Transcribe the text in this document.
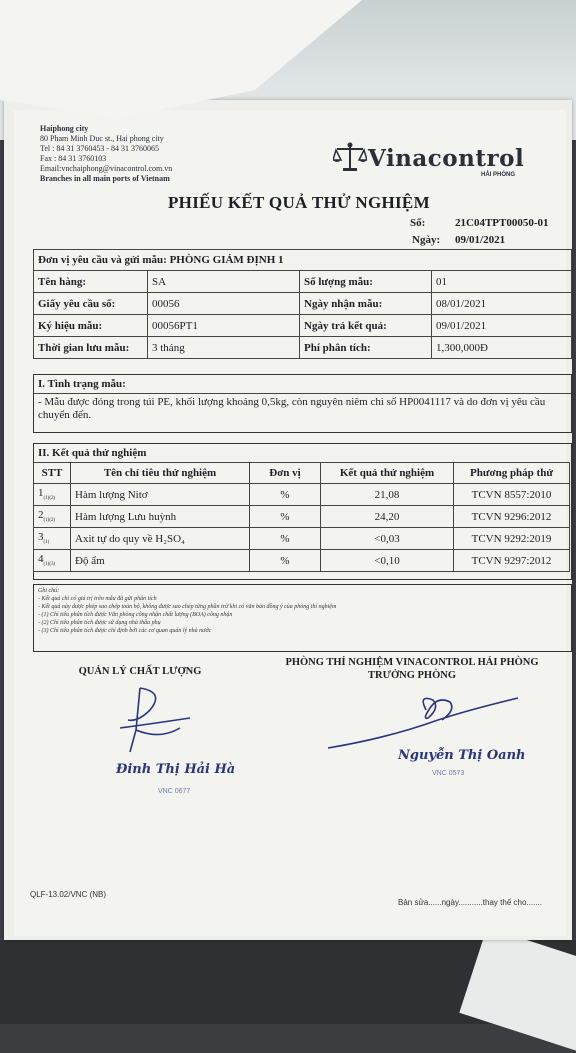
Haiphong city
80 Pham Minh Duc st., Hai phong city
Tel : 84 31 3760453 - 84 31 3760065
Fax : 84 31 3760103
Email:vnchaiphong@vinacontrol.com.vn
Branches in all main ports of Vietnam
Vinacontrol
HẢI PHÒNG
PHIẾU KẾT QUẢ THỬ NGHIỆM
Số:	21C04TPT00050-01
Ngày: 09/01/2021
Đơn vị yêu cầu và gửi mẫu: PHÒNG GIÁM ĐỊNH 1			
Tên hàng:	SA	Số lượng mẫu:	01
Giấy yêu cầu số:	00056	Ngày nhận mẫu:	08/01/2021
Ký hiệu mẫu:	00056PT1	Ngày trả kết quả:	09/01/2021
Thời gian lưu mẫu:	3 tháng	Phí phân tích:	1,300,000Đ
I. Tình trạng mẫu:
- Mẫu được đóng trong túi PE, khối lượng khoảng 0,5kg, còn nguyên niêm chì số HP0041117 và do đơn vị yêu cầu chuyển đến.
II. Kết quả thử nghiệm
STT	Tên chỉ tiêu thử nghiệm	Đơn vị	Kết quả thử nghiệm	Phương pháp thử
$1_{(1)(2)}$	Hàm lượng Nitơ	%	21,08	TCVN 8557:2010
$2_{(1)(2)}$	Hàm lượng Lưu huỳnh	%	24,20	TCVN 9296:2012
$3_{(1)}$	Axit tự do quy về H₂SO₄	%	<0,03	TCVN 9292:2019
$4_{(1)(3)}$	Độ ẩm	%	<0,10	TCVN 9297:2012
Ghi chú:
- Kết quả chỉ có giá trị trên mẫu đã gửi phân tích
- Kết quả này được phép sao chép toàn bộ, không được sao chép từng phần trừ khi có văn bản đồng ý của phòng thí nghiệm
- (1) Chỉ tiêu phân tích được Văn phòng công nhận chất lượng (BOA) công nhận
- (2) Chỉ tiêu phân tích được sử dụng nhà thầu phụ
- (3) Chỉ tiêu phân tích được chỉ định bởi các cơ quan quản lý nhà nước
QUẢN LÝ CHẤT LƯỢNG
PHÒNG THÍ NGHIỆM VINACONTROL HẢI PHÒNG
TRƯỞNG PHÒNG
Đinh Thị Hải Hà
VNC 0677
Nguyễn Thị Oanh
VNC 0573
QLF-13.02/VNC (NB)
Bản sửa......ngày...........thay thế cho.......
